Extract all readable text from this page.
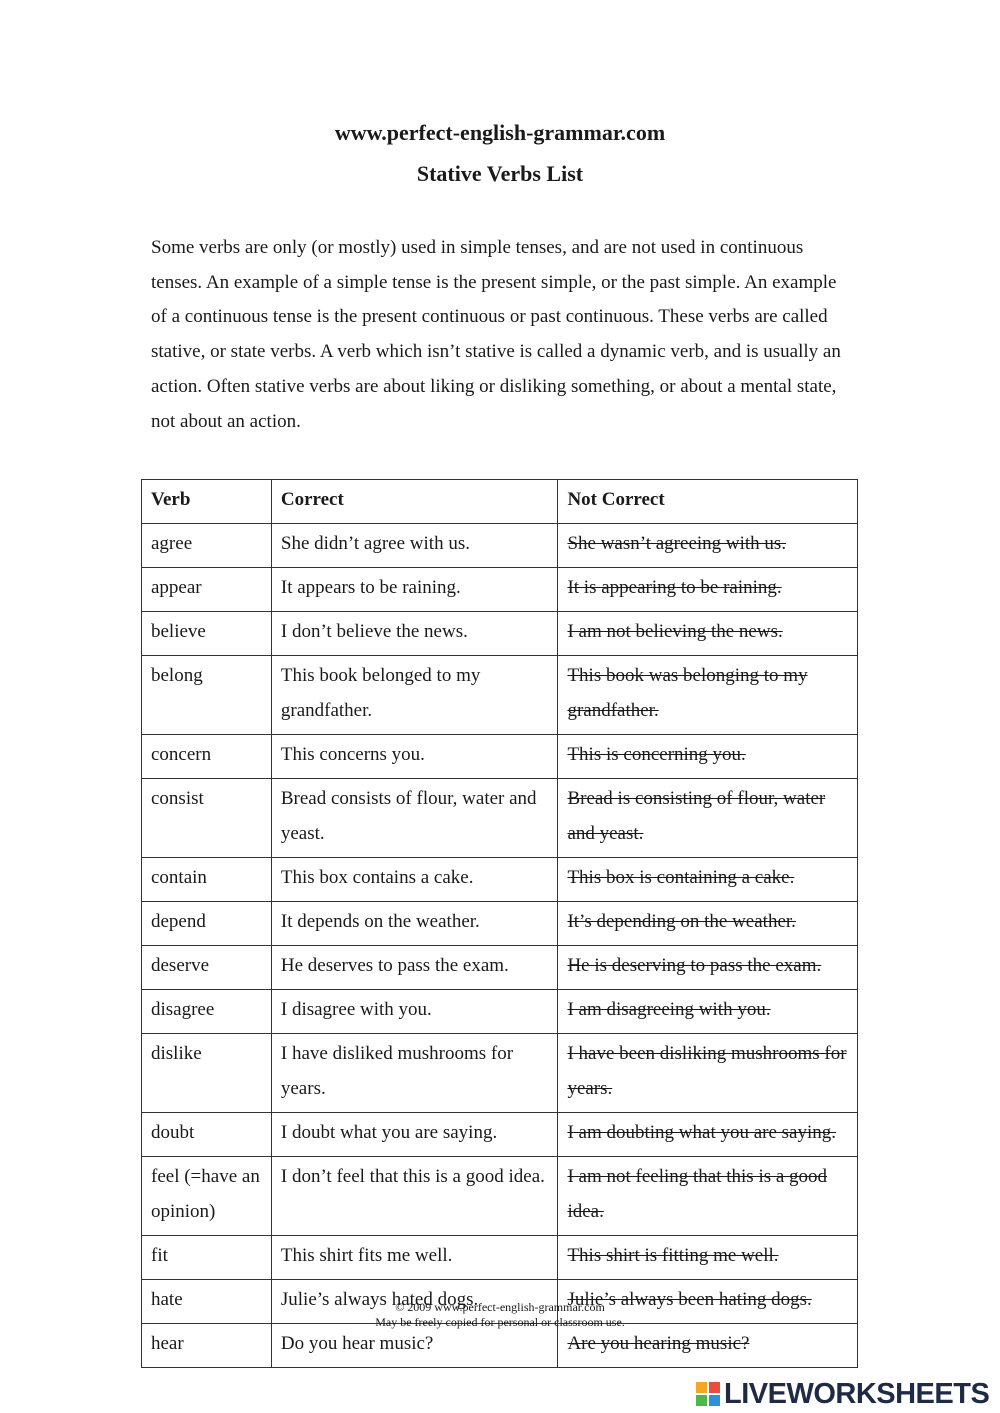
www.perfect-english-grammar.com
Stative Verbs List

Some verbs are only (or mostly) used in simple tenses, and are not used in continuous tenses. An example of a simple tense is the present simple, or the past simple. An example of a continuous tense is the present continuous or past continuous. These verbs are called stative, or state verbs. A verb which isn’t stative is called a dynamic verb, and is usually an action. Often stative verbs are about liking or disliking something, or about a mental state, not about an action.

Verb	Correct	Not Correct
agree	She didn’t agree with us.	She wasn’t agreeing with us.
appear	It appears to be raining.	It is appearing to be raining.
believe	I don’t believe the news.	I am not believing the news.
belong	This book belonged to my grandfather.	This book was belonging to my grandfather.
concern	This concerns you.	This is concerning you.
consist	Bread consists of flour, water and yeast.	Bread is consisting of flour, water and yeast.
contain	This box contains a cake.	This box is containing a cake.
depend	It depends on the weather.	It’s depending on the weather.
deserve	He deserves to pass the exam.	He is deserving to pass the exam.
disagree	I disagree with you.	I am disagreeing with you.
dislike	I have disliked mushrooms for years.	I have been disliking mushrooms for years.
doubt	I doubt what you are saying.	I am doubting what you are saying.
feel (=have an opinion)	I don’t feel that this is a good idea.	I am not feeling that this is a good idea.
fit	This shirt fits me well.	This shirt is fitting me well.
hate	Julie’s always hated dogs.	Julie’s always been hating dogs.
hear	Do you hear music?	Are you hearing music?
© 2009 www.perfect-english-grammar.com
May be freely copied for personal or classroom use.
LIVEWORKSHEETS
